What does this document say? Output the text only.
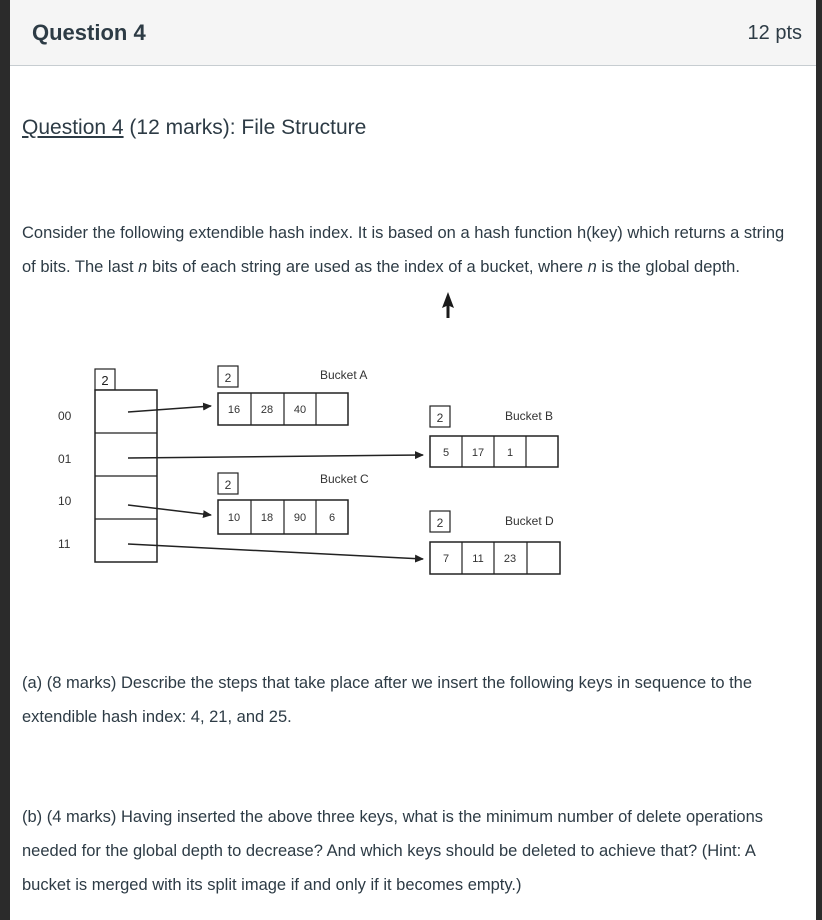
Question 4	12 pts
Question 4 (12 marks): File Structure
Consider the following extendible hash index. It is based on a hash function h(key) which returns a string of bits. The last n bits of each string are used as the index of a bucket, where n is the global depth.
2
00
01
10
11
2	Bucket A
16 28 40
2	Bucket B
5 17 1
2	Bucket C
10 18 90 6	2	Bucket D
7 11 23
(a) (8 marks) Describe the steps that take place after we insert the following keys in sequence to the extendible hash index: 4, 21, and 25.
(b) (4 marks) Having inserted the above three keys, what is the minimum number of delete operations needed for the global depth to decrease? And which keys should be deleted to achieve that? (Hint: A bucket is merged with its split image if and only if it becomes empty.)
